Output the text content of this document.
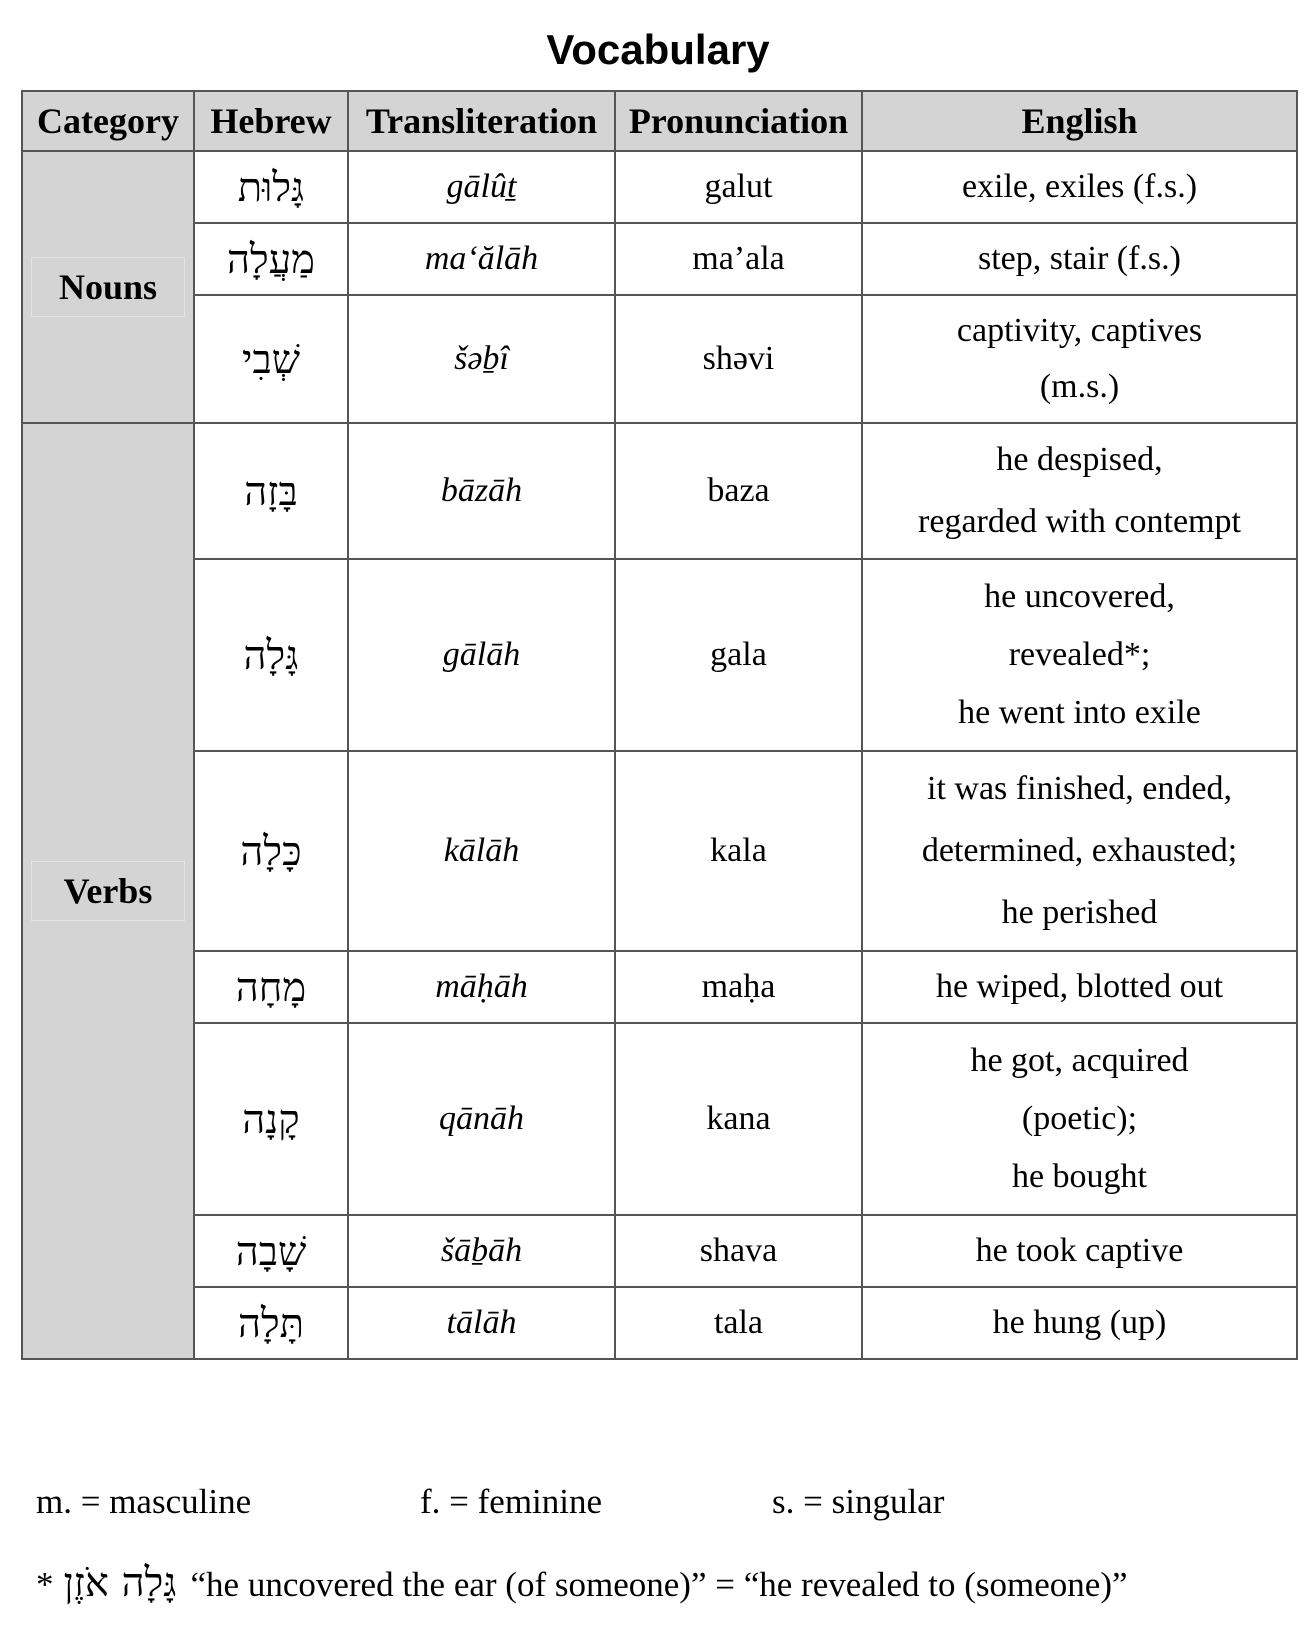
Vocabulary
Category	Hebrew	Transliteration	Pronunciation	English
Nouns	גָּלוּת	gālûṯ	galut	exile, exiles (f.s.)

	מַעֲלָה	ma‘ălāh	ma’ala	step, stair (f.s.)

	שְׁבִי	šəḇî	shəvi	captivity, captives
(m.s.)

Verbs	בָּזָה	bāzāh	baza	he despised,
regarded with contempt

	גָּלָה	gālāh	gala	he uncovered,
revealed*;
he went into exile

	כָּלָה	kālāh	kala	it was finished, ended,
determined, exhausted;
he perished

	מָחָה	māḥāh	maḥa	he wiped, blotted out

	קָנָה	qānāh	kana	he got, acquired
(poetic);
he bought

	שָׁבָה	šāḇāh	shava	he took captive

	תָּלָה	tālāh	tala	he hung (up)
m. = masculine	f. = feminine	s. = singular
* גָּלָה אֹזֶן “he uncovered the ear (of someone)” = “he revealed to (someone)”
